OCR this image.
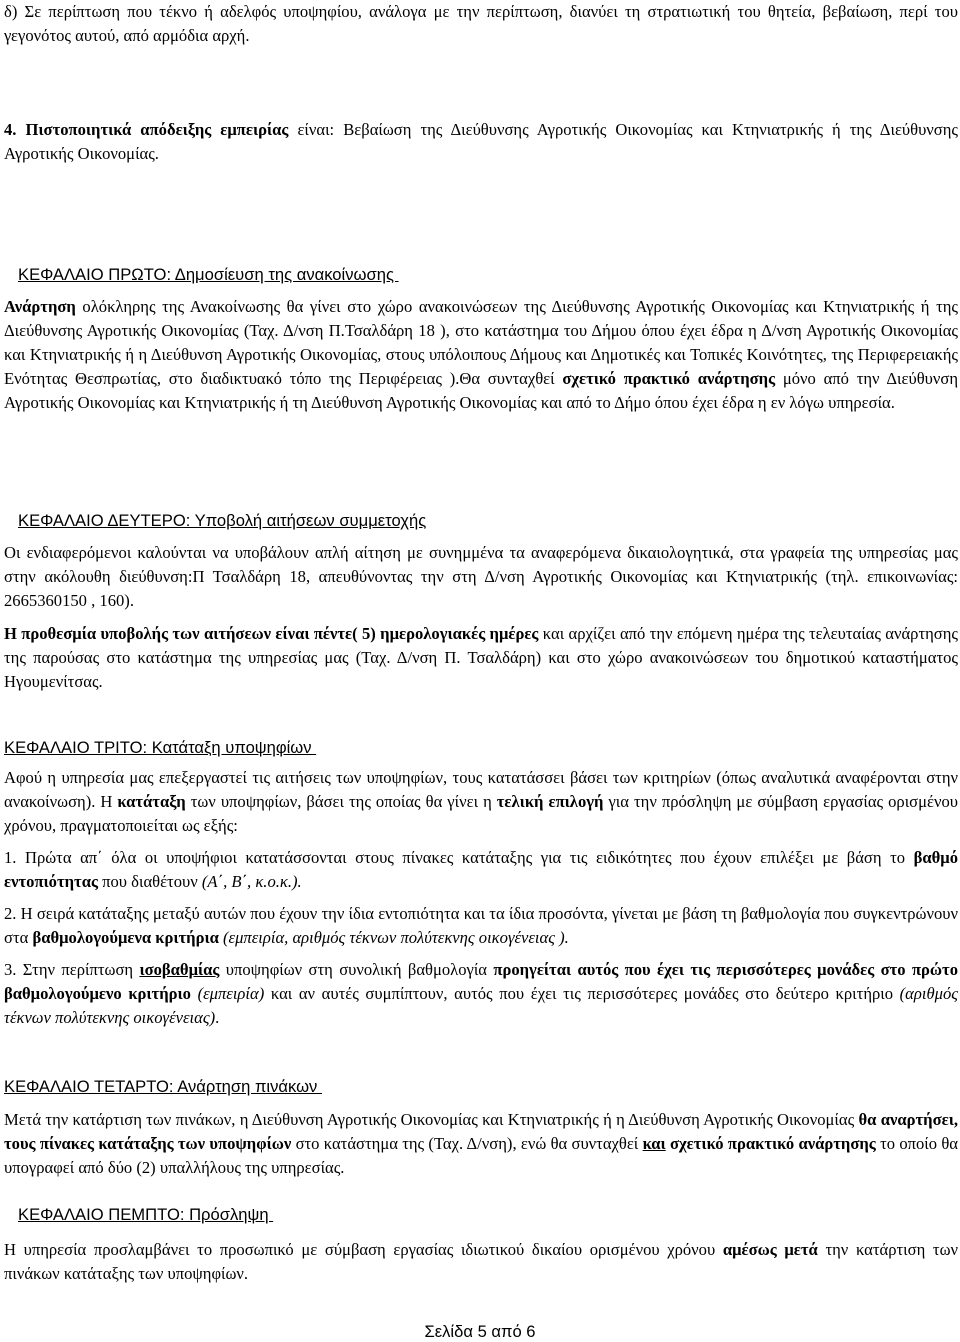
δ) Σε περίπτωση που τέκνο ή αδελφός υποψηφίου, ανάλογα με την περίπτωση, διανύει τη στρατιωτική του θητεία, βεβαίωση, περί του γεγονότος αυτού, από αρμόδια αρχή.

4. Πιστοποιητικά απόδειξης εμπειρίας είναι: Βεβαίωση της Διεύθυνσης Αγροτικής Οικονομίας και Κτηνιατρικής ή της Διεύθυνσης Αγροτικής Οικονομίας.

ΚΕΦΑΛΑΙΟ ΠΡΩΤΟ: Δημοσίευση της ανακοίνωσης

Ανάρτηση ολόκληρης της Ανακοίνωσης θα γίνει στο χώρο ανακοινώσεων της Διεύθυνσης Αγροτικής Οικονομίας και Κτηνιατρικής ή της Διεύθυνσης Αγροτικής Οικονομίας (Ταχ. Δ/νση Π.Τσαλδάρη 18 ), στο κατάστημα του Δήμου όπου έχει έδρα η Δ/νση Αγροτικής Οικονομίας και Κτηνιατρικής ή η Διεύθυνση Αγροτικής Οικονομίας, στους υπόλοιπους Δήμους και Δημοτικές και Τοπικές Κοινότητες, της Περιφερειακής Ενότητας Θεσπρωτίας, στο διαδικτυακό τόπο της Περιφέρειας ).Θα συνταχθεί σχετικό πρακτικό ανάρτησης μόνο από την Διεύθυνση Αγροτικής Οικονομίας και Κτηνιατρικής ή τη Διεύθυνση Αγροτικής Οικονομίας και από το Δήμο όπου έχει έδρα η εν λόγω υπηρεσία.

ΚΕΦΑΛΑΙΟ ΔΕΥΤΕΡΟ: Υποβολή αιτήσεων συμμετοχής

Οι ενδιαφερόμενοι καλούνται να υποβάλουν απλή αίτηση με συνημμένα τα αναφερόμενα δικαιολογητικά, στα γραφεία της υπηρεσίας μας στην ακόλουθη διεύθυνση:Π Τσαλδάρη 18, απευθύνοντας την στη Δ/νση Αγροτικής Οικονομίας και Κτηνιατρικής (τηλ. επικοινωνίας: 2665360150 , 160).

Η προθεσμία υποβολής των αιτήσεων είναι πέντε( 5) ημερολογιακές ημέρες και αρχίζει από την επόμενη ημέρα της τελευταίας ανάρτησης της παρούσας στο κατάστημα της υπηρεσίας μας (Ταχ. Δ/νση Π. Τσαλδάρη) και στο χώρο ανακοινώσεων του δημοτικού καταστήματος Ηγουμενίτσας.

ΚΕΦΑΛΑΙΟ ΤΡΙΤΟ: Κατάταξη υποψηφίων

Αφού η υπηρεσία μας επεξεργαστεί τις αιτήσεις των υποψηφίων, τους κατατάσσει βάσει των κριτηρίων (όπως αναλυτικά αναφέρονται στην ανακοίνωση). Η κατάταξη των υποψηφίων, βάσει της οποίας θα γίνει η τελική επιλογή για την πρόσληψη με σύμβαση εργασίας ορισμένου χρόνου, πραγματοποιείται ως εξής:

1. Πρώτα απ΄ όλα οι υποψήφιοι κατατάσσονται στους πίνακες κατάταξης για τις ειδικότητες που έχουν επιλέξει με βάση το βαθμό εντοπιότητας που διαθέτουν (Α΄, Β΄, κ.ο.κ.).

2. Η σειρά κατάταξης μεταξύ αυτών που έχουν την ίδια εντοπιότητα και τα ίδια προσόντα, γίνεται με βάση τη βαθμολογία που συγκεντρώνουν στα βαθμολογούμενα κριτήρια (εμπειρία, αριθμός τέκνων πολύτεκνης οικογένειας ).

3. Στην περίπτωση ισοβαθμίας υποψηφίων στη συνολική βαθμολογία προηγείται αυτός που έχει τις περισσότερες μονάδες στο πρώτο βαθμολογούμενο κριτήριο (εμπειρία) και αν αυτές συμπίπτουν, αυτός που έχει τις περισσότερες μονάδες στο δεύτερο κριτήριο (αριθμός τέκνων πολύτεκνης οικογένειας).

ΚΕΦΑΛΑΙΟ ΤΕΤΑΡΤΟ: Ανάρτηση πινάκων

Μετά την κατάρτιση των πινάκων, η Διεύθυνση Αγροτικής Οικονομίας και Κτηνιατρικής ή η Διεύθυνση Αγροτικής Οικονομίας θα αναρτήσει, τους πίνακες κατάταξης των υποψηφίων στο κατάστημα της (Ταχ. Δ/νση), ενώ θα συνταχθεί και σχετικό πρακτικό ανάρτησης το οποίο θα υπογραφεί από δύο (2) υπαλλήλους της υπηρεσίας.

ΚΕΦΑΛΑΙΟ ΠΕΜΠΤΟ: Πρόσληψη

Η υπηρεσία προσλαμβάνει το προσωπικό με σύμβαση εργασίας ιδιωτικού δικαίου ορισμένου χρόνου αμέσως μετά την κατάρτιση των πινάκων κατάταξης των υποψηφίων.

Σελίδα 5 από 6
